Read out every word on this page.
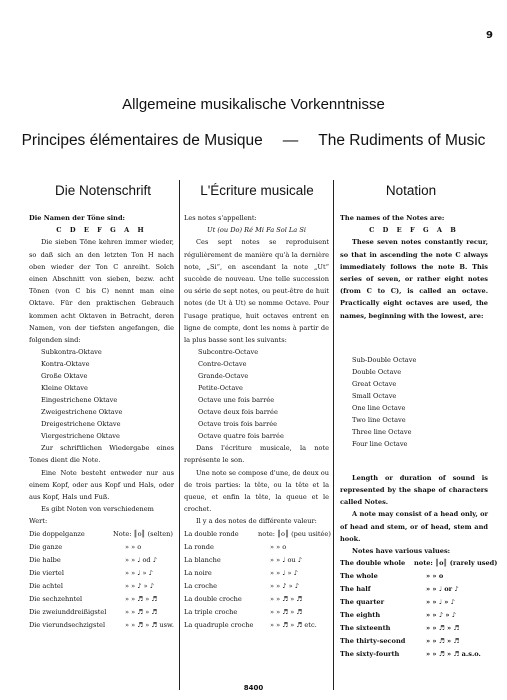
9
Allgemeine musikalische Vorkenntnisse
Principes élémentaires de Musique — The Rudiments of Music
Die Notenschrift	L'Écriture musicale	Notation

Die Namen der Töne sind:

C D E F G A H

Die sieben Töne kehren immer wieder, so daß sich an den letzten Ton H nach oben wieder der Ton C anreiht. Solch einen Abschnitt von sieben, bezw. acht Tönen (von C bis C) nennt man eine Oktave. Für den praktischen Gebrauch kommen acht Oktaven in Betracht, deren Namen, von der tiefsten angefangen, die folgenden sind:

Subkontra-Oktave

Kontra-Oktave

Große Oktave

Kleine Oktave

Eingestrichene Oktave

Zweigestrichene Oktave

Dreigestrichene Oktave

Viergestrichene Oktave

Zur schriftlichen Wiedergabe eines Tones dient die Note.

Eine Note besteht entweder nur aus einem Kopf, oder aus Kopf und Hals, oder aus Kopf, Hals und Fuß.

Es gibt Noten von verschiedenem Wert:

Die doppelganze	Note: ║o║ (selten)
Die ganze	» » o
Die halbe	» » ♩ od ♪
Die viertel	» » ♩ » ♪
Die achtel	» » ♪ » ♪
Die sechzehntel	» » ♬ » ♬
Die zweiunddreißigstel	» » ♬ » ♬
Die vierundsechzigstel	» » ♬ » ♬ usw.

Les notes s'appellent:

Ut (ou Do) Ré Mi Fa Sol La Si

Ces sept notes se reproduisent régulièrement de manière qu'à la dernière note, „Si“, en ascendant la note „Ut“ succède de nouveau. Une telle succession ou série de sept notes, ou peut-être de huit notes (de Ut à Ut) se nomme Octave. Pour l'usage pratique, huit octaves entrent en ligne de compte, dont les noms à partir de la plus basse sont les suivants:

Subcontre-Octave

Contre-Octave

Grande-Octave

Petite-Octave

Octave une fois barrée

Octave deux fois barrée

Octave trois fois barrée

Octave quatre fois barrée

Dans l'écriture musicale, la note représente le son.

Une note se compose d'une, de deux ou de trois parties: la tête, ou la tête et la queue, et enfin la tête, la queue et le crochet.

Il y a des notes de différente valeur:

La double ronde	note: ║o║ (peu usitée)
La ronde	» » o
La blanche	» » ♩ ou ♪
La noire	» » ♩ » ♪
La croche	» » ♪ » ♪
La double croche	» » ♬ » ♬
La triple croche	» » ♬ » ♬
La quadruple croche	» » ♬ » ♬ etc.

The names of the Notes are:

C D E F G A B

These seven notes constantly recur, so that in ascending the note C always immediately follows the note B. This series of seven, or rather eight notes (from C to C), is called an octave. Practically eight octaves are used, the names, beginning with the lowest, are:

Sub-Double Octave

Double Octave

Great Octave

Small Octave

One line Octave

Two line Octave

Three line Octave

Four line Octave

Length or duration of sound is represented by the shape of characters called Notes.

A note may consist of a head only, or of head and stem, or of head, stem and hook.

Notes have various values:

The double whole note: ║o║ (rarely used)
The whole	» » o
The half	» » ♩ or ♪
The quarter	» » ♩ » ♪
The eighth	» » ♪ » ♪
The sixteenth	» » ♬ » ♬
The thirty-second	» » ♬ » ♬
The sixty-fourth	» » ♬ » ♬ a.s.o.
8400
